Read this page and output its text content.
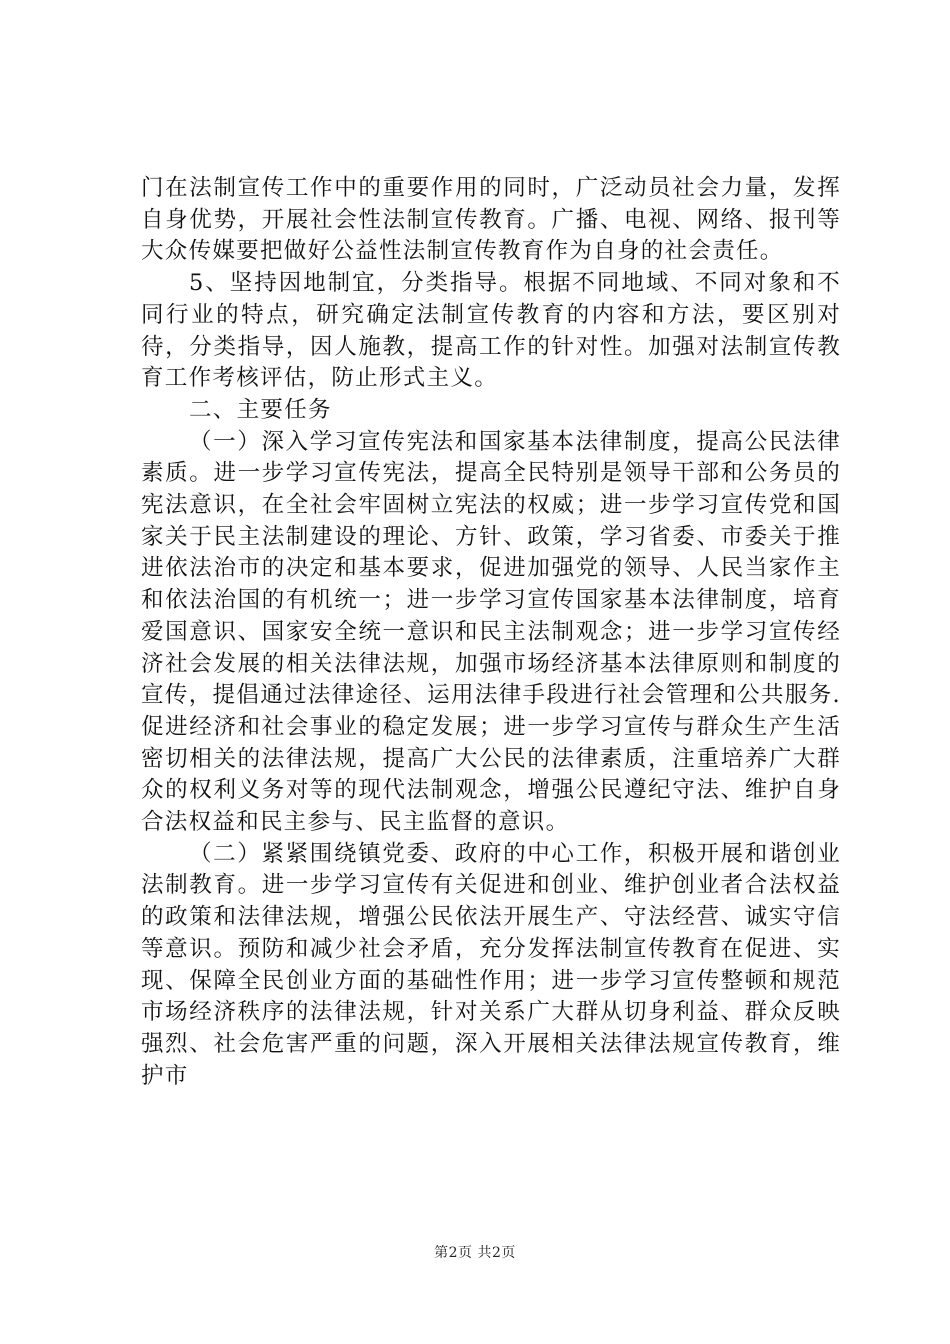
门在法制宣传工作中的重要作用的同时，广泛动员社会力量，发挥自身优势，开展社会性法制宣传教育。广播、电视、网络、报刊等大众传媒要把做好公益性法制宣传教育作为自身的社会责任。

5、坚持因地制宜，分类指导。根据不同地域、不同对象和不同行业的特点，研究确定法制宣传教育的内容和方法，要区别对待，分类指导，因人施教，提高工作的针对性。加强对法制宣传教育工作考核评估，防止形式主义。

二、主要任务

（一）深入学习宣传宪法和国家基本法律制度，提高公民法律素质。进一步学习宣传宪法，提高全民特别是领导干部和公务员的宪法意识，在全社会牢固树立宪法的权威；进一步学习宣传党和国家关于民主法制建设的理论、方针、政策，学习省委、市委关于推进依法治市的决定和基本要求，促进加强党的领导、人民当家作主和依法治国的有机统一；进一步学习宣传国家基本法律制度，培育爱国意识、国家安全统一意识和民主法制观念；进一步学习宣传经济社会发展的相关法律法规，加强市场经济基本法律原则和制度的宣传，提倡通过法律途径、运用法律手段进行社会管理和公共服务.促进经济和社会事业的稳定发展；进一步学习宣传与群众生产生活密切相关的法律法规，提高广大公民的法律素质，注重培养广大群众的权利义务对等的现代法制观念，增强公民遵纪守法、维护自身合法权益和民主参与、民主监督的意识。

（二）紧紧围绕镇党委、政府的中心工作，积极开展和谐创业法制教育。进一步学习宣传有关促进和创业、维护创业者合法权益的政策和法律法规，增强公民依法开展生产、守法经营、诚实守信等意识。预防和减少社会矛盾，充分发挥法制宣传教育在促进、实现、保障全民创业方面的基础性作用；进一步学习宣传整顿和规范市场经济秩序的法律法规，针对关系广大群从切身利益、群众反映强烈、社会危害严重的问题，深入开展相关法律法规宣传教育，维护市

第2页 共2页
